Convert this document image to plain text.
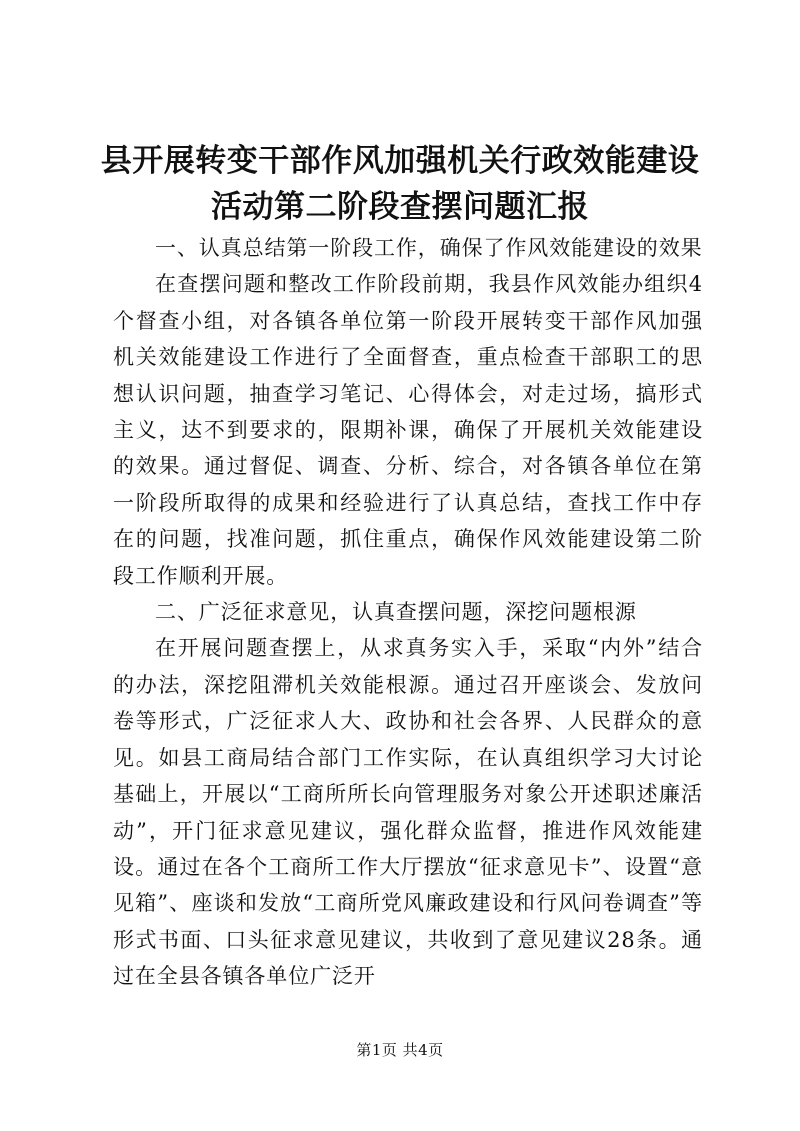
县开展转变干部作风加强机关行政效能建设活动第二阶段查摆问题汇报

一、认真总结第一阶段工作，确保了作风效能建设的效果

在查摆问题和整改工作阶段前期，我县作风效能办组织4个督查小组，对各镇各单位第一阶段开展转变干部作风加强机关效能建设工作进行了全面督查，重点检查干部职工的思想认识问题，抽查学习笔记、心得体会，对走过场，搞形式主义，达不到要求的，限期补课，确保了开展机关效能建设的效果。通过督促、调查、分析、综合，对各镇各单位在第一阶段所取得的成果和经验进行了认真总结，查找工作中存在的问题，找准问题，抓住重点，确保作风效能建设第二阶段工作顺利开展。

二、广泛征求意见，认真查摆问题，深挖问题根源

在开展问题查摆上，从求真务实入手，采取“内外”结合的办法，深挖阻滞机关效能根源。通过召开座谈会、发放问卷等形式，广泛征求人大、政协和社会各界、人民群众的意见。如县工商局结合部门工作实际，在认真组织学习大讨论基础上，开展以“工商所所长向管理服务对象公开述职述廉活动”，开门征求意见建议，强化群众监督，推进作风效能建设。通过在各个工商所工作大厅摆放“征求意见卡”、设置“意见箱”、座谈和发放“工商所党风廉政建设和行风问卷调查”等形式书面、口头征求意见建议，共收到了意见建议28条。通过在全县各镇各单位广泛开

第1页 共4页
